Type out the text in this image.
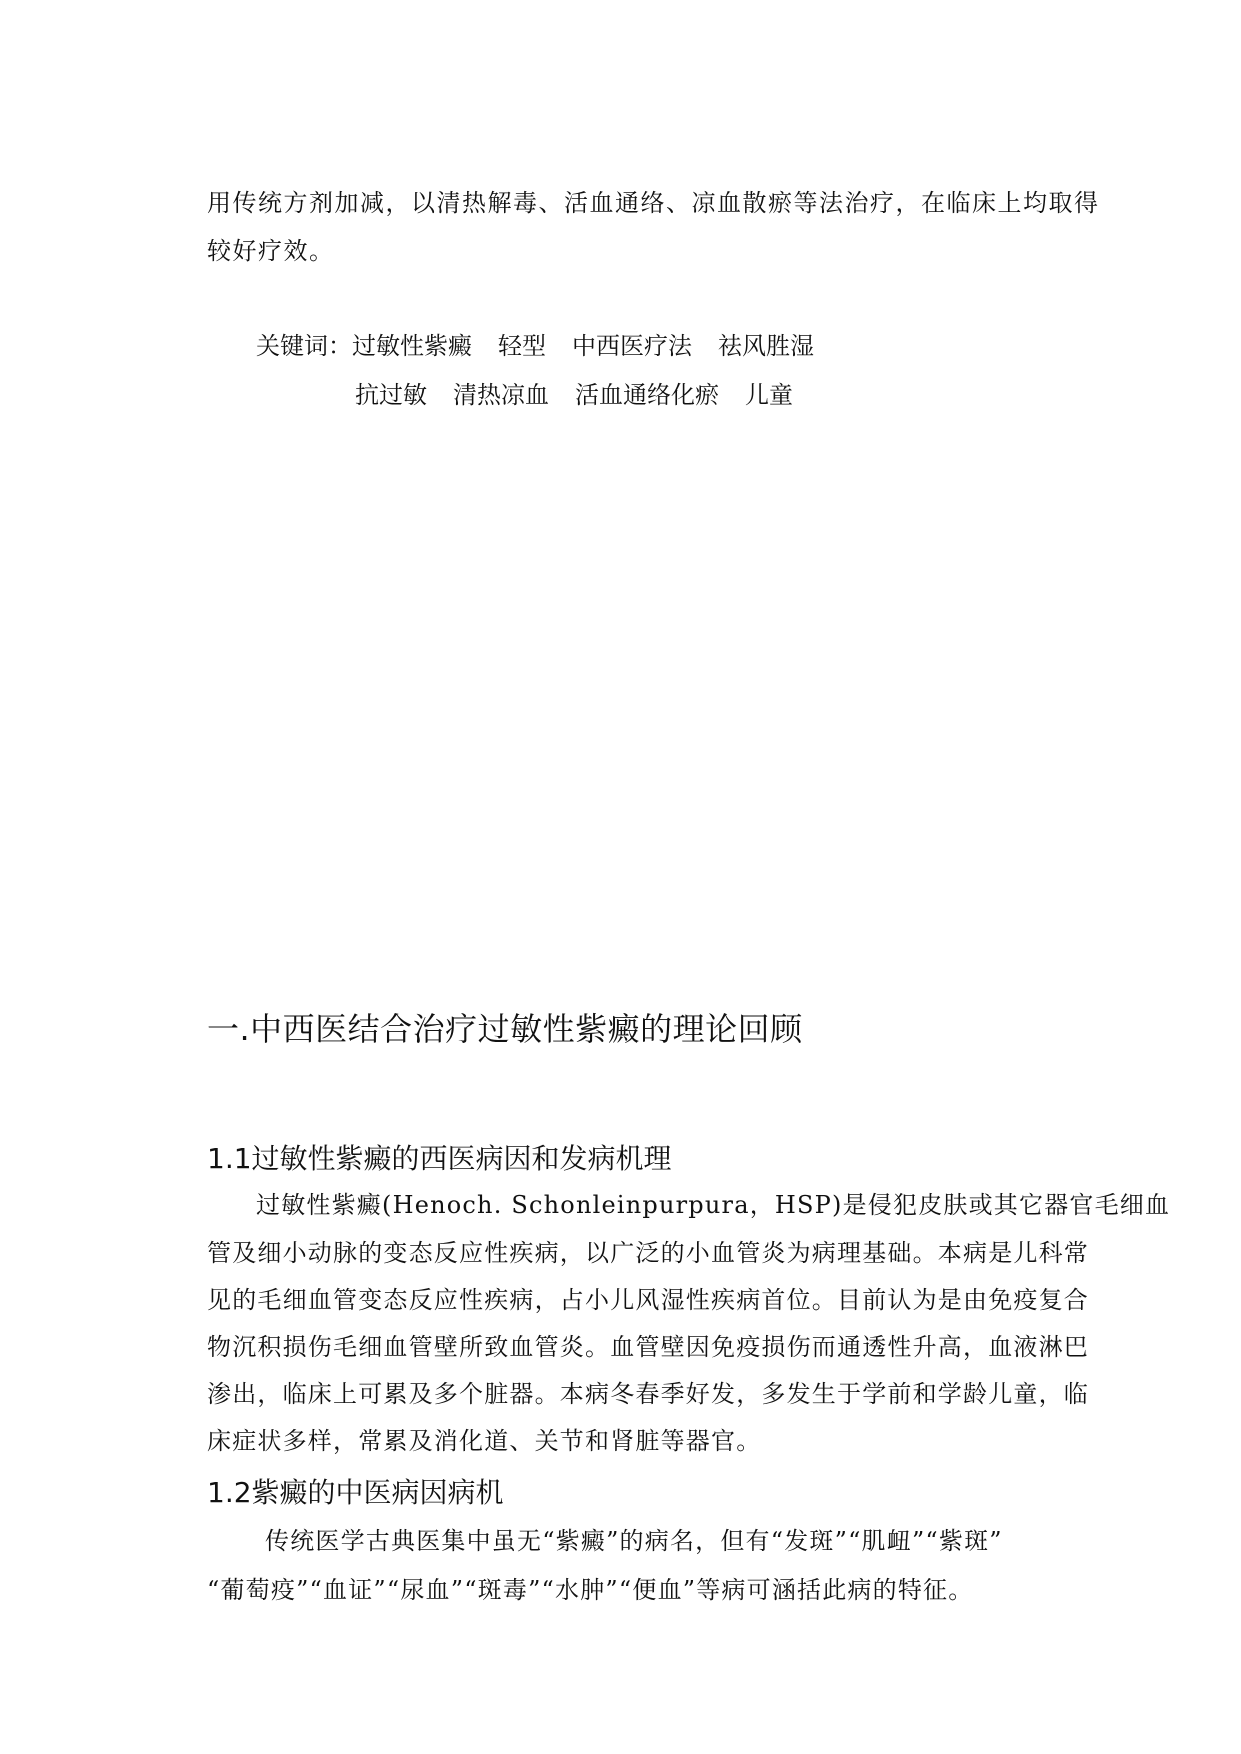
用传统方剂加减，以清热解毒、活血通络、凉血散瘀等法治疗，在临床上均取得
较好疗效。
关键词：过敏性紫癜 轻型 中西医疗法 祛风胜湿
抗过敏 清热凉血 活血通络化瘀 儿童
一.中西医结合治疗过敏性紫癜的理论回顾
1.1过敏性紫癜的西医病因和发病机理
过敏性紫癜(Henoch. Schonleinpurpura，HSP)是侵犯皮肤或其它器官毛细血
管及细小动脉的变态反应性疾病，以广泛的小血管炎为病理基础。本病是儿科常
见的毛细血管变态反应性疾病，占小儿风湿性疾病首位。目前认为是由免疫复合
物沉积损伤毛细血管壁所致血管炎。血管壁因免疫损伤而通透性升高，血液淋巴
渗出，临床上可累及多个脏器。本病冬春季好发，多发生于学前和学龄儿童，临
床症状多样，常累及消化道、关节和肾脏等器官。
1.2紫癜的中医病因病机
传统医学古典医集中虽无“紫癜”的病名，但有“发斑”“肌衄”“紫斑”
“葡萄疫”“血证”“尿血”“斑毒”“水肿”“便血”等病可涵括此病的特征。
